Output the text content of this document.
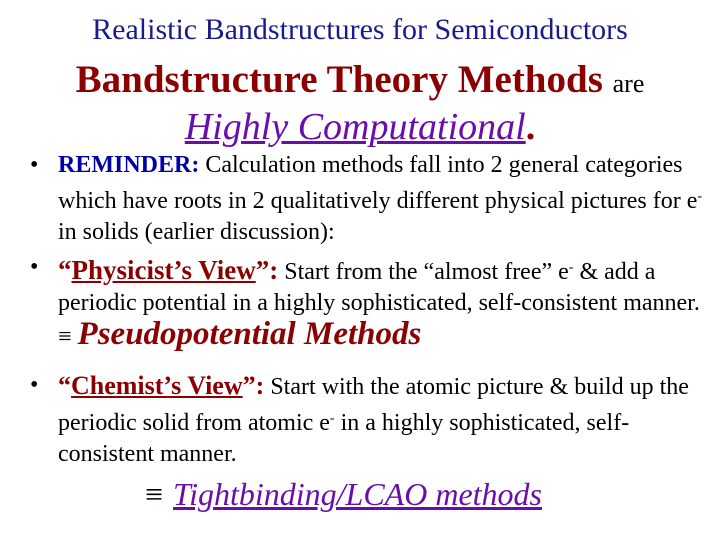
Realistic Bandstructures for Semiconductors
Bandstructure Theory Methods are
Highly Computational.
• REMINDER: Calculation methods fall into 2 general categories which have roots in 2 qualitatively different physical pictures for e- in solids (earlier discussion):
• “Physicist’s View”: Start from the “almost free” e- & add a periodic potential in a highly sophisticated, self-consistent manner. ≡ Pseudopotential Methods
• “Chemist’s View”: Start with the atomic picture & build up the periodic solid from atomic e- in a highly sophisticated, self-consistent manner.
≡ Tightbinding/LCAO methods
